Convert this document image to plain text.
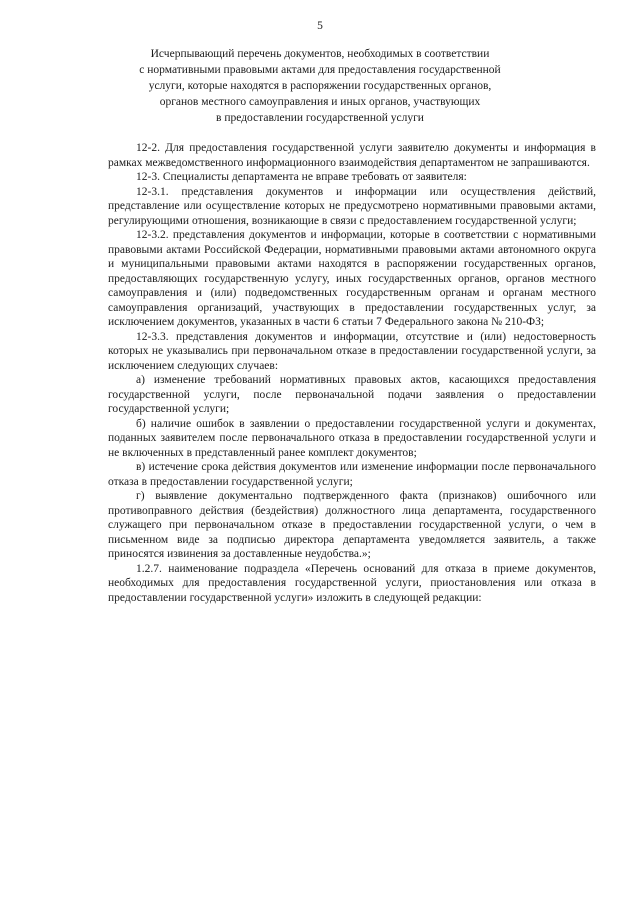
5
Исчерпывающий перечень документов, необходимых в соответствии
с нормативными правовыми актами для предоставления государственной
услуги, которые находятся в распоряжении государственных органов,
органов местного самоуправления и иных органов, участвующих
в предоставлении государственной услуги

12-2. Для предоставления государственной услуги заявителю документы и информация в рамках межведомственного информационного взаимодействия департаментом не запрашиваются.

12-3. Специалисты департамента не вправе требовать от заявителя:

12-3.1. представления документов и информации или осуществления действий, представление или осуществление которых не предусмотрено нормативными правовыми актами, регулирующими отношения, возникающие в связи с предоставлением государственной услуги;

12-3.2. представления документов и информации, которые в соответствии с нормативными правовыми актами Российской Федерации, нормативными правовыми актами автономного округа и муниципальными правовыми актами находятся в распоряжении государственных органов, предоставляющих государственную услугу, иных государственных органов, органов местного самоуправления и (или) подведомственных государственным органам и органам местного самоуправления организаций, участвующих в предоставлении государственных услуг, за исключением документов, указанных в части 6 статьи 7 Федерального закона № 210-ФЗ;

12-3.3. представления документов и информации, отсутствие и (или) недостоверность которых не указывались при первоначальном отказе в предоставлении государственной услуги, за исключением следующих случаев:

а) изменение требований нормативных правовых актов, касающихся предоставления государственной услуги, после первоначальной подачи заявления о предоставлении государственной услуги;

б) наличие ошибок в заявлении о предоставлении государственной услуги и документах, поданных заявителем после первоначального отказа в предоставлении государственной услуги и не включенных в представленный ранее комплект документов;

в) истечение срока действия документов или изменение информации после первоначального отказа в предоставлении государственной услуги;

г) выявление документально подтвержденного факта (признаков) ошибочного или противоправного действия (бездействия) должностного лица департамента, государственного служащего при первоначальном отказе в предоставлении государственной услуги, о чем в письменном виде за подписью директора департамента уведомляется заявитель, а также приносятся извинения за доставленные неудобства.»;

1.2.7. наименование подраздела «Перечень оснований для отказа в приеме документов, необходимых для предоставления государственной услуги, приостановления или отказа в предоставлении государственной услуги» изложить в следующей редакции:
